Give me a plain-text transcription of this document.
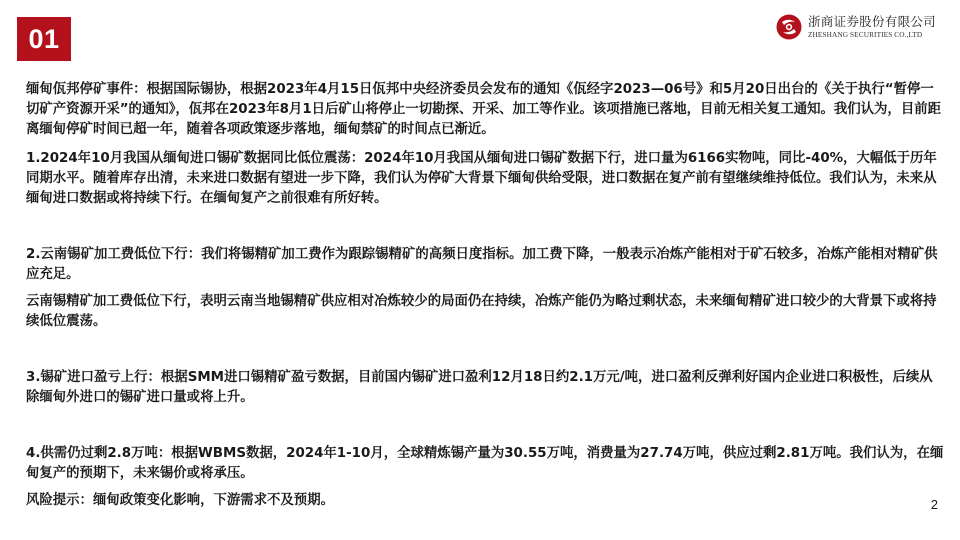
01
浙商证券股份有限公司
ZHESHANG SECURITIES CO.,LTD

缅甸佤邦停矿事件：根据国际锡协，根据2023年4月15日佤邦中央经济委员会发布的通知《佤经字2023—06号》和5月20日出台的《关于执行“暂停一切矿产资源开采”的通知》，佤邦在2023年8月1日后矿山将停止一切勘探、开采、加工等作业。该项措施已落地，目前无相关复工通知。我们认为，目前距离缅甸停矿时间已超一年，随着各项政策逐步落地，缅甸禁矿的时间点已渐近。

1.2024年10月我国从缅甸进口锡矿数据同比低位震荡：2024年10月我国从缅甸进口锡矿数据下行，进口量为6166实物吨，同比-40%，大幅低于历年同期水平。随着库存出清，未来进口数据有望进一步下降，我们认为停矿大背景下缅甸供给受限，进口数据在复产前有望继续维持低位。我们认为，未来从缅甸进口数据或将持续下行。在缅甸复产之前很难有所好转。

2.云南锡矿加工费低位下行：我们将锡精矿加工费作为跟踪锡精矿的高频日度指标。加工费下降，一般表示冶炼产能相对于矿石较多，冶炼产能相对精矿供应充足。

云南锡精矿加工费低位下行，表明云南当地锡精矿供应相对冶炼较少的局面仍在持续，冶炼产能仍为略过剩状态，未来缅甸精矿进口较少的大背景下或将持续低位震荡。

3.锡矿进口盈亏上行：根据SMM进口锡精矿盈亏数据，目前国内锡矿进口盈利12月18日约2.1万元/吨，进口盈利反弹利好国内企业进口积极性，后续从除缅甸外进口的锡矿进口量或将上升。

4.供需仍过剩2.8万吨：根据WBMS数据，2024年1-10月，全球精炼锡产量为30.55万吨，消费量为27.74万吨，供应过剩2.81万吨。我们认为，在缅甸复产的预期下，未来锡价或将承压。

风险提示：缅甸政策变化影响，下游需求不及预期。	2
